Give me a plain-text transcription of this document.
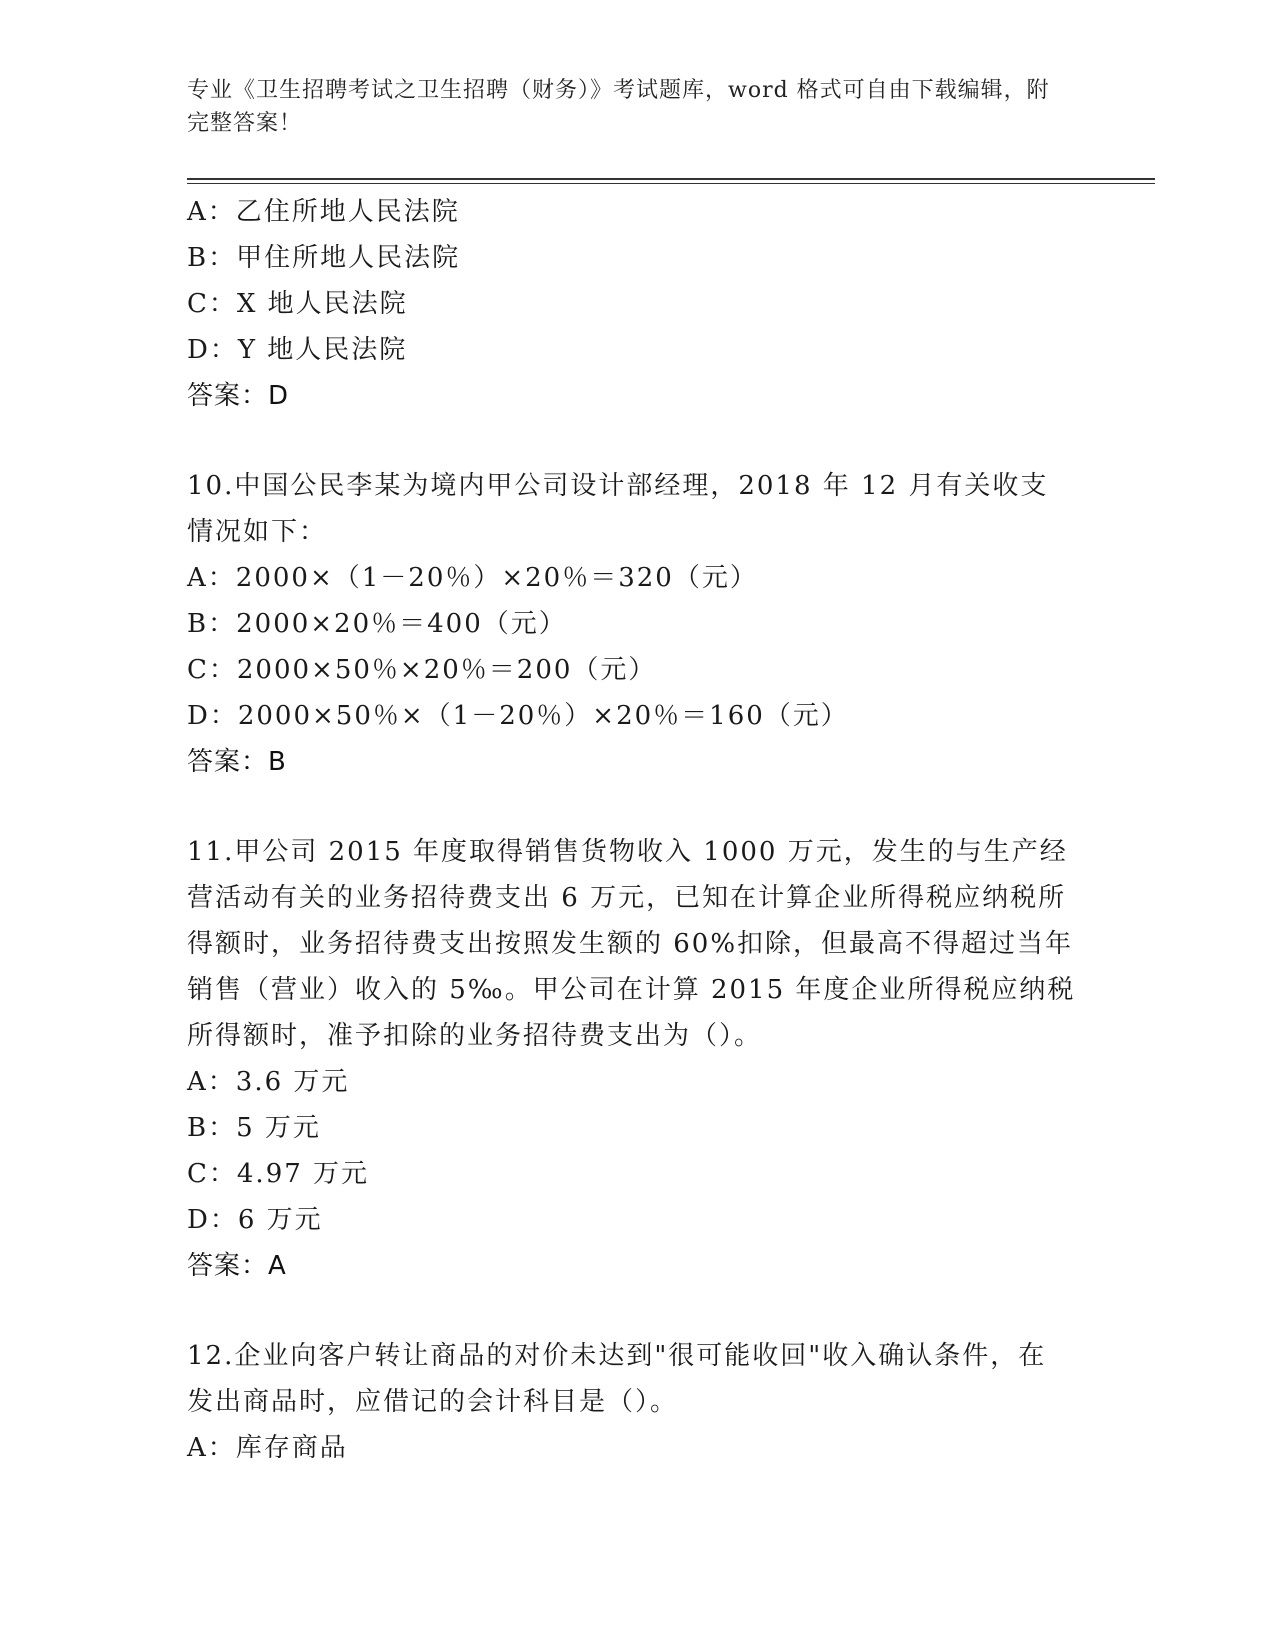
专业《卫生招聘考试之卫生招聘（财务）》考试题库，word 格式可自由下载编辑，附完整答案！
A：乙住所地人民法院
B：甲住所地人民法院
C：X 地人民法院
D：Y 地人民法院
答案：D
10.中国公民李某为境内甲公司设计部经理，2018 年 12 月有关收支情况如下：
A：2000×（1－20％）×20％＝320（元）
B：2000×20％＝400（元）
C：2000×50％×20％＝200（元）
D：2000×50％×（1－20％）×20％＝160（元）
答案：B
11.甲公司 2015 年度取得销售货物收入 1000 万元，发生的与生产经营活动有关的业务招待费支出 6 万元，已知在计算企业所得税应纳税所得额时，业务招待费支出按照发生额的 60%扣除，但最高不得超过当年销售（营业）收入的 5‰。甲公司在计算 2015 年度企业所得税应纳税所得额时，准予扣除的业务招待费支出为（）。
A：3.6 万元
B：5 万元
C：4.97 万元
D：6 万元
答案：A
12.企业向客户转让商品的对价未达到"很可能收回"收入确认条件，在发出商品时，应借记的会计科目是（）。
A：库存商品
